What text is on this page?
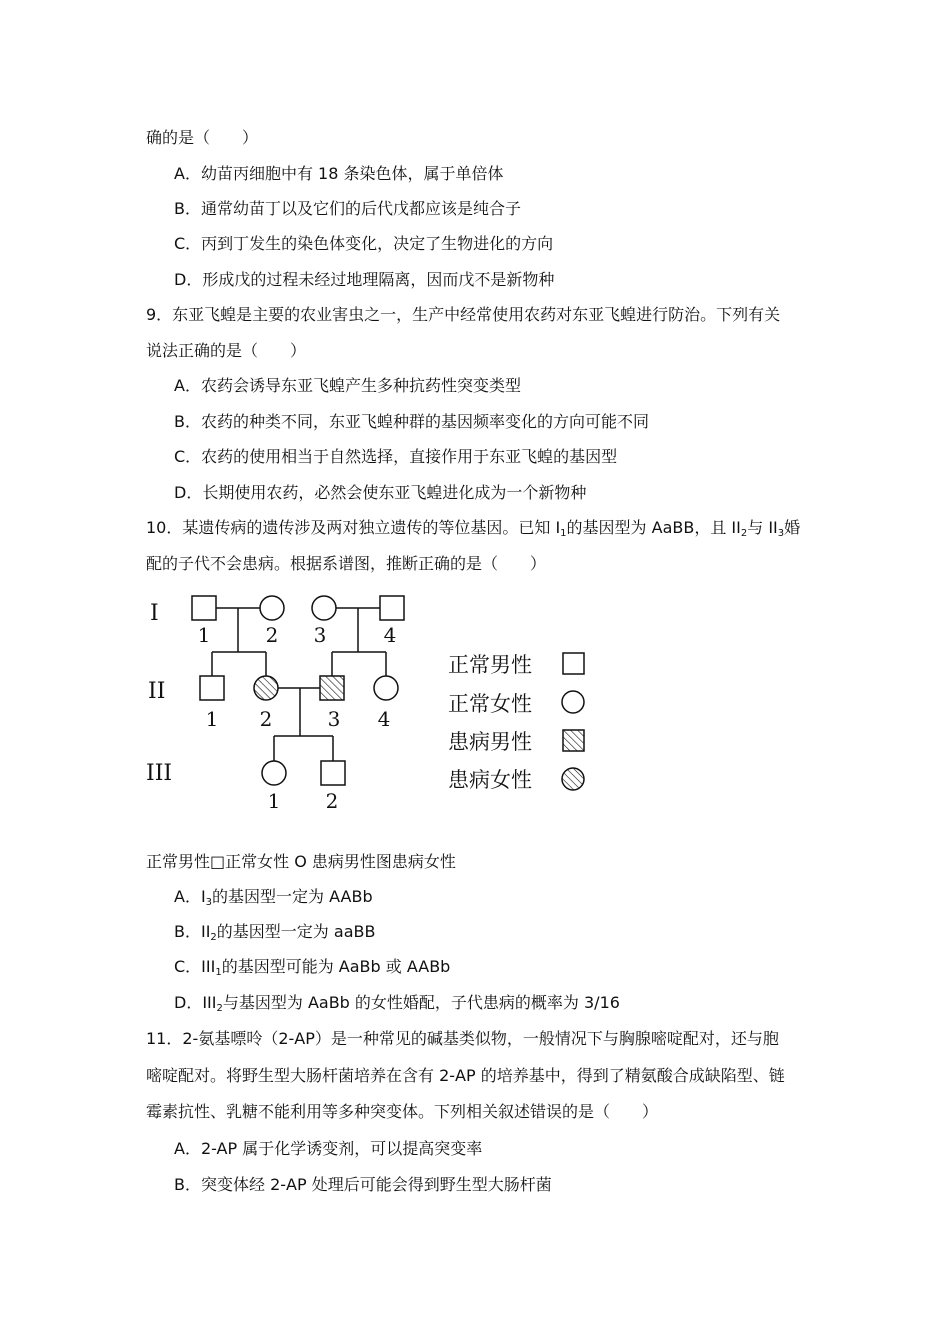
确的是（　　）
A．幼苗丙细胞中有 18 条染色体，属于单倍体
B．通常幼苗丁以及它们的后代戊都应该是纯合子
C．丙到丁发生的染色体变化，决定了生物进化的方向
D．形成戊的过程未经过地理隔离，因而戊不是新物种
9．东亚飞蝗是主要的农业害虫之一，生产中经常使用农药对东亚飞蝗进行防治。下列有关
说法正确的是（　　）
A．农药会诱导东亚飞蝗产生多种抗药性突变类型
B．农药的种类不同，东亚飞蝗种群的基因频率变化的方向可能不同
C．农药的使用相当于自然选择，直接作用于东亚飞蝗的基因型
D．长期使用农药，必然会使东亚飞蝗进化成为一个新物种
10．某遗传病的遗传涉及两对独立遗传的等位基因。已知 $I_1$的基因型为 AaBB，且 $II_2$与 $II_3$婚
配的子代不会患病。根据系谱图，推断正确的是（　　）
I
II
III
1	2 3	4
1 2	3 4
1 2
正常男性
正常女性
患病男性
患病女性
正常男性□正常女性 O 患病男性图患病女性
A．$I_3$的基因型一定为 AABb
B．$II_2$的基因型一定为 aaBB
C．$III_1$的基因型可能为 AaBb 或 AABb
D．$III_2$与基因型为 AaBb 的女性婚配，子代患病的概率为 3/16
11．2-氨基嘌呤（2-AP）是一种常见的碱基类似物，一般情况下与胸腺嘧啶配对，还与胞
嘧啶配对。将野生型大肠杆菌培养在含有 2-AP 的培养基中，得到了精氨酸合成缺陷型、链
霉素抗性、乳糖不能利用等多种突变体。下列相关叙述错误的是（　　）
A．2-AP 属于化学诱变剂，可以提高突变率
B．突变体经 2-AP 处理后可能会得到野生型大肠杆菌
